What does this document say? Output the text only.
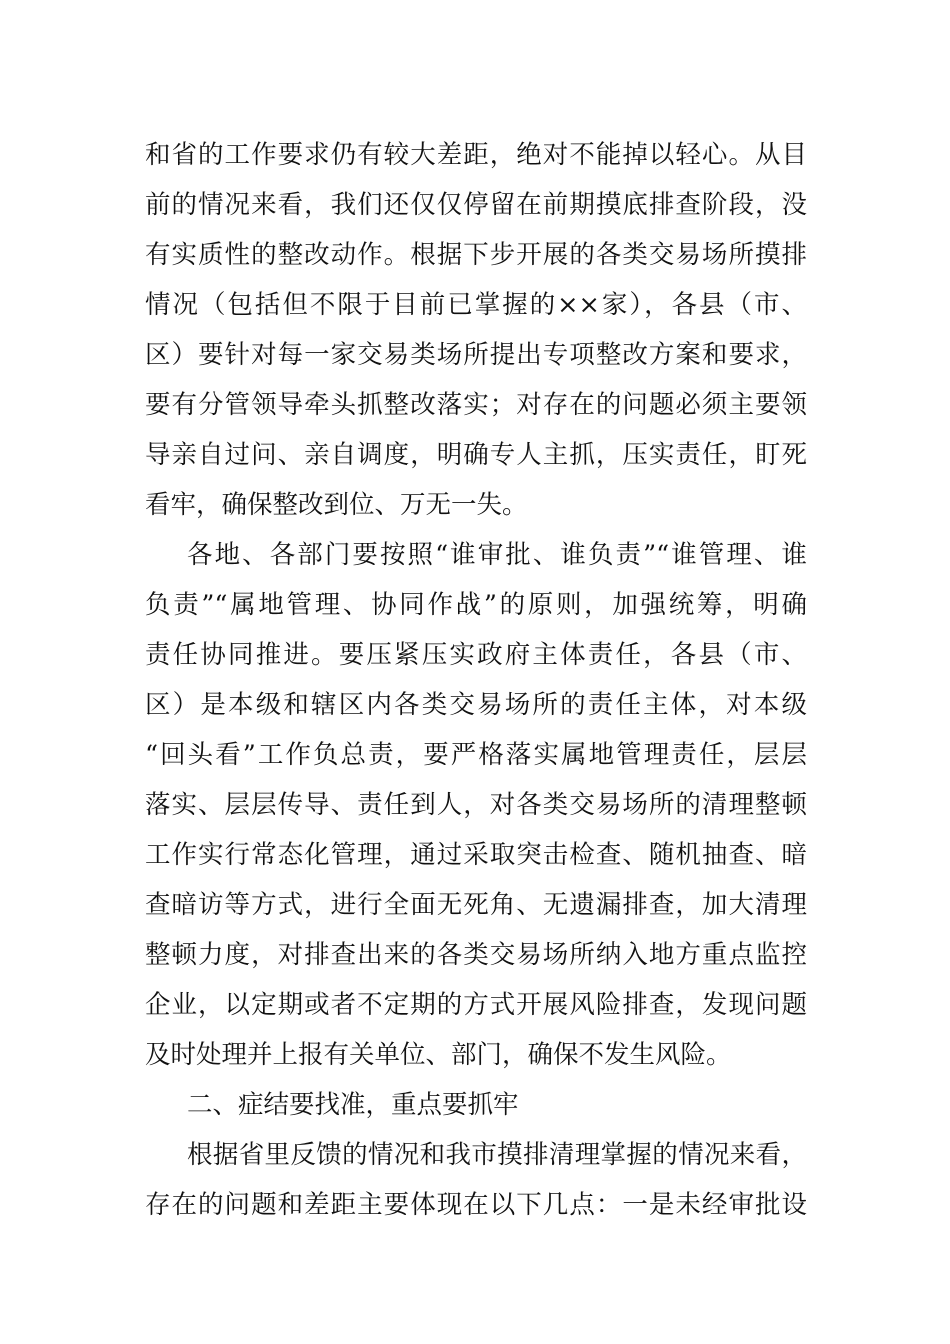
和省的工作要求仍有较大差距，绝对不能掉以轻心。从目
前的情况来看，我们还仅仅停留在前期摸底排查阶段，没
有实质性的整改动作。根据下步开展的各类交易场所摸排
情况（包括但不限于目前已掌握的××家），各县（市、
区）要针对每一家交易类场所提出专项整改方案和要求，
要有分管领导牵头抓整改落实；对存在的问题必须主要领
导亲自过问、亲自调度，明确专人主抓，压实责任，盯死
看牢，确保整改到位、万无一失。
各地、各部门要按照“谁审批、谁负责”“谁管理、谁
负责”“属地管理、协同作战”的原则，加强统筹，明确
责任协同推进。要压紧压实政府主体责任，各县（市、
区）是本级和辖区内各类交易场所的责任主体，对本级
“回头看”工作负总责，要严格落实属地管理责任，层层
落实、层层传导、责任到人，对各类交易场所的清理整顿
工作实行常态化管理，通过采取突击检查、随机抽查、暗
查暗访等方式，进行全面无死角、无遗漏排查，加大清理
整顿力度，对排查出来的各类交易场所纳入地方重点监控
企业，以定期或者不定期的方式开展风险排查，发现问题
及时处理并上报有关单位、部门，确保不发生风险。
二、症结要找准，重点要抓牢
根据省里反馈的情况和我市摸排清理掌握的情况来看，
存在的问题和差距主要体现在以下几点：一是未经审批设
